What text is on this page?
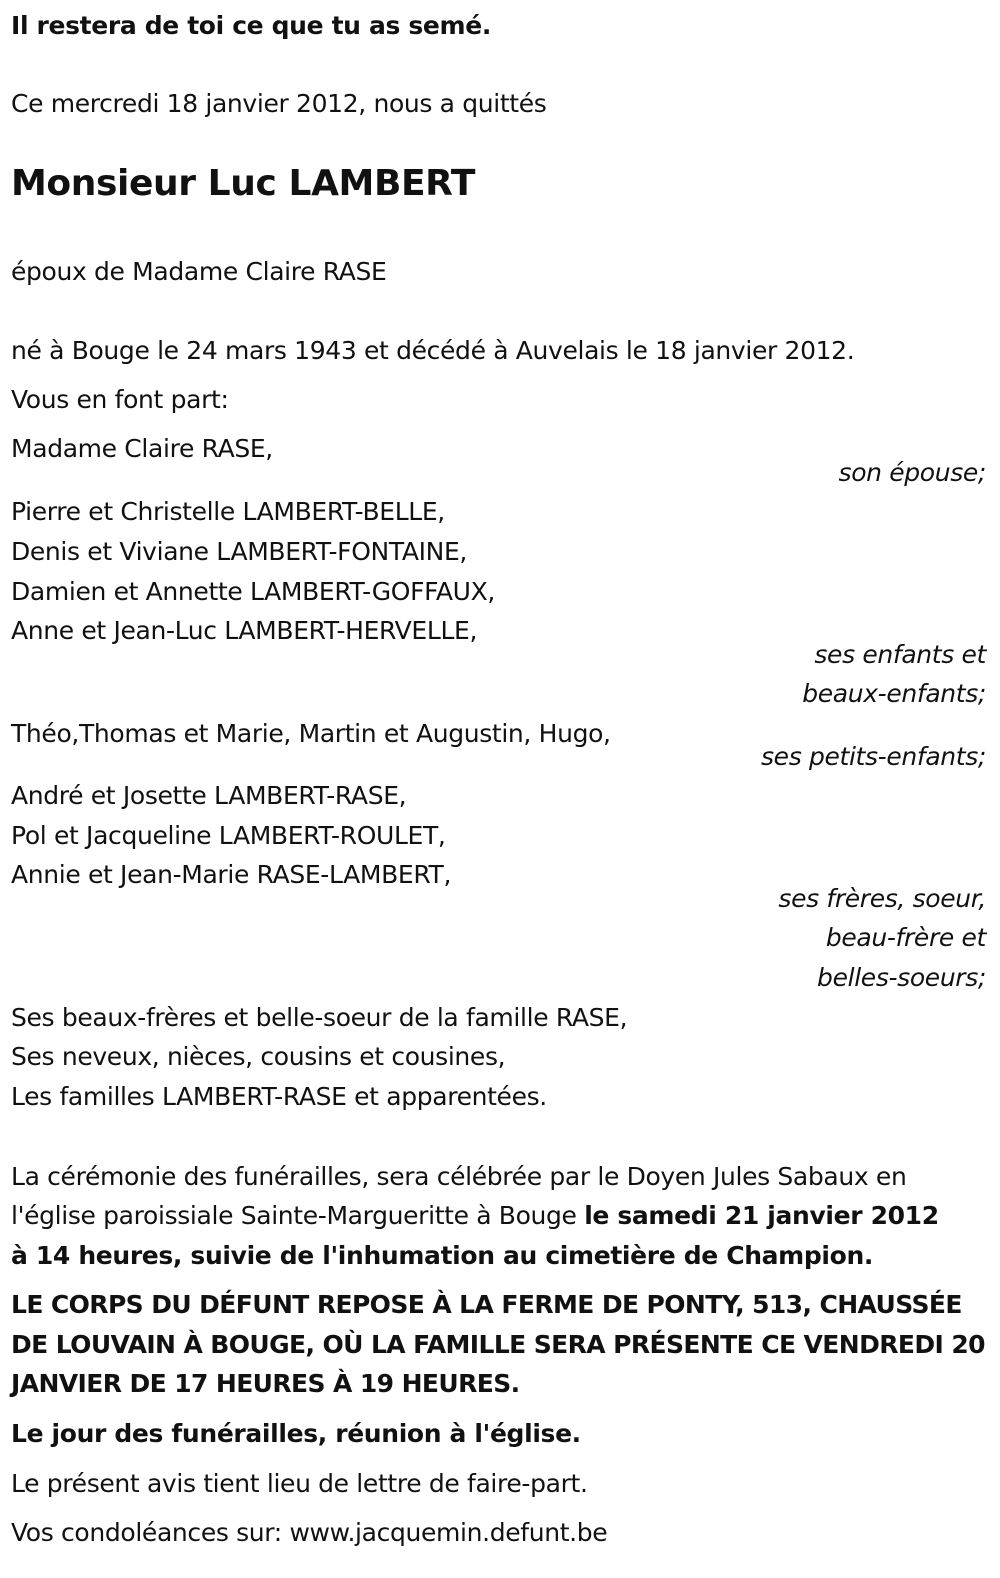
Il restera de toi ce que tu as semé.
Ce mercredi 18 janvier 2012, nous a quittés
Monsieur Luc LAMBERT
époux de Madame Claire RASE
né à Bouge le 24 mars 1943 et décédé à Auvelais le 18 janvier 2012.
Vous en font part:
Madame Claire RASE,
son épouse;
Pierre et Christelle LAMBERT-BELLE,
Denis et Viviane LAMBERT-FONTAINE,
Damien et Annette LAMBERT-GOFFAUX,
Anne et Jean-Luc LAMBERT-HERVELLE,
ses enfants et
beaux-enfants;
Théo,Thomas et Marie, Martin et Augustin, Hugo,
ses petits-enfants;
André et Josette LAMBERT-RASE,
Pol et Jacqueline LAMBERT-ROULET,
Annie et Jean-Marie RASE-LAMBERT,
ses frères, soeur,
beau-frère et
belles-soeurs;
Ses beaux-frères et belle-soeur de la famille RASE,
Ses neveux, nièces, cousins et cousines,
Les familles LAMBERT-RASE et apparentées.
La cérémonie des funérailles, sera célébrée par le Doyen Jules Sabaux en
l'église paroissiale Sainte-Margueritte à Bouge le samedi 21 janvier 2012
à 14 heures, suivie de l'inhumation au cimetière de Champion.
LE CORPS DU DÉFUNT REPOSE À LA FERME DE PONTY, 513, CHAUSSÉE
DE LOUVAIN À BOUGE, OÙ LA FAMILLE SERA PRÉSENTE CE VENDREDI 20
JANVIER DE 17 HEURES À 19 HEURES.
Le jour des funérailles, réunion à l'église.
Le présent avis tient lieu de lettre de faire-part.
Vos condoléances sur: www.jacquemin.defunt.be
